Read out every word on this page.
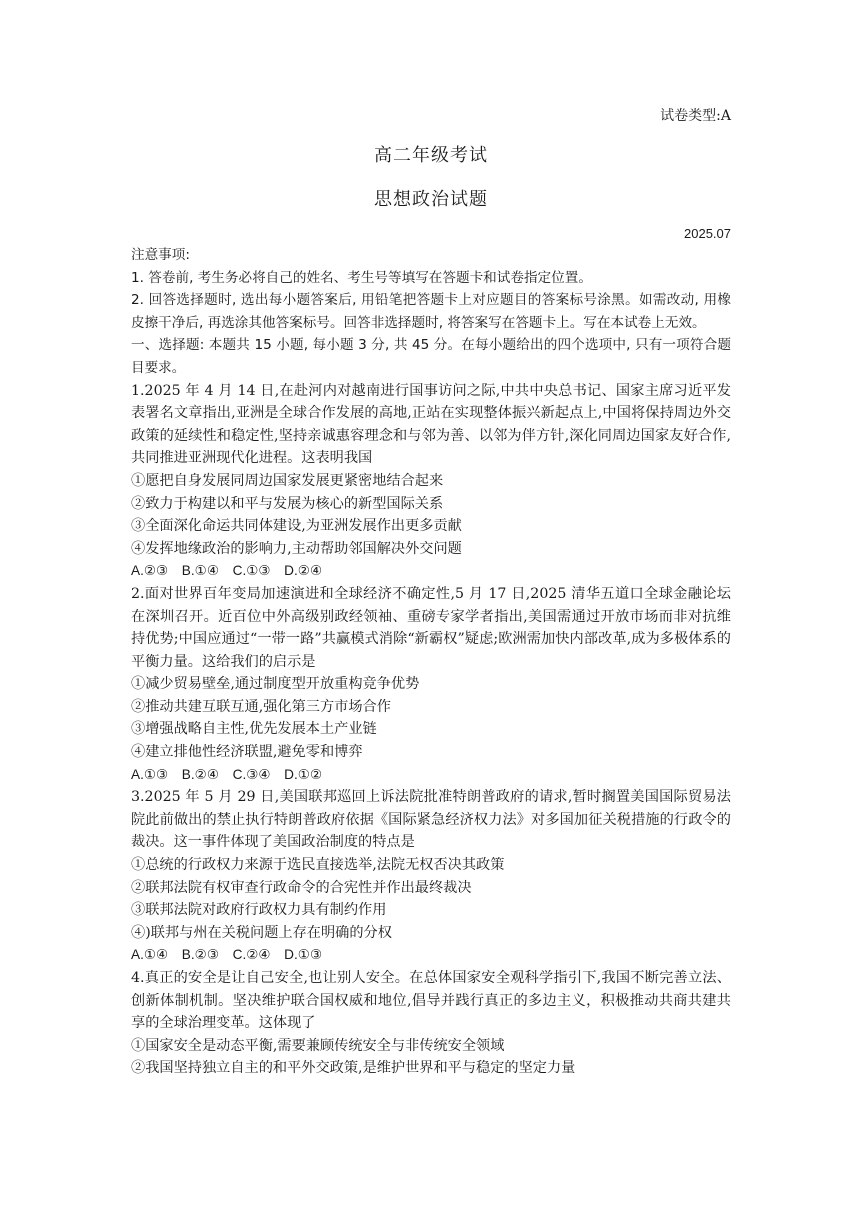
试卷类型:A
高二年级考试
思想政治试题
2025.07
注意事项:
1. 答卷前, 考生务必将自己的姓名、考生号等填写在答题卡和试卷指定位置。
2. 回答选择题时, 选出每小题答案后, 用铅笔把答题卡上对应题目的答案标号涂黑。如需改动, 用橡皮擦干净后, 再选涂其他答案标号。回答非选择题时, 将答案写在答题卡上。写在本试卷上无效。
一、选择题: 本题共 15 小题, 每小题 3 分, 共 45 分。在每小题给出的四个选项中, 只有一项符合题目要求。
1.2025 年 4 月 14 日,在赴河内对越南进行国事访问之际,中共中央总书记、国家主席习近平发表署名文章指出,亚洲是全球合作发展的高地,正站在实现整体振兴新起点上,中国将保持周边外交政策的延续性和稳定性,坚持亲诚惠容理念和与邻为善、以邻为伴方针,深化同周边国家友好合作,共同推进亚洲现代化进程。这表明我国
①愿把自身发展同周边国家发展更紧密地结合起来
②致力于构建以和平与发展为核心的新型国际关系
③全面深化命运共同体建设,为亚洲发展作出更多贡献
④发挥地缘政治的影响力,主动帮助邻国解决外交问题
A.②③　B.①④　C.①③　D.②④
2.面对世界百年变局加速演进和全球经济不确定性,5 月 17 日,2025 清华五道口全球金融论坛在深圳召开。近百位中外高级别政经领袖、重磅专家学者指出,美国需通过开放市场而非对抗维持优势;中国应通过“一带一路”共赢模式消除“新霸权”疑虑;欧洲需加快内部改革,成为多极体系的平衡力量。这给我们的启示是
①减少贸易壁垒,通过制度型开放重构竞争优势
②推动共建互联互通,强化第三方市场合作
③增强战略自主性,优先发展本土产业链
④建立排他性经济联盟,避免零和博弈
A.①③　B.②④　C.③④　D.①②
3.2025 年 5 月 29 日,美国联邦巡回上诉法院批准特朗普政府的请求,暂时搁置美国国际贸易法院此前做出的禁止执行特朗普政府依据《国际紧急经济权力法》对多国加征关税措施的行政令的裁决。这一事件体现了美国政治制度的特点是
①总统的行政权力来源于选民直接选举,法院无权否决其政策
②联邦法院有权审查行政命令的合宪性并作出最终裁决
③联邦法院对政府行政权力具有制约作用
④)联邦与州在关税问题上存在明确的分权
A.①④　B.②③　C.②④　D.①③
4.真正的安全是让自己安全,也让别人安全。在总体国家安全观科学指引下,我国不断完善立法、创新体制机制。坚决维护联合国权威和地位,倡导并践行真正的多边主义，积极推动共商共建共享的全球治理变革。这体现了
①国家安全是动态平衡,需要兼顾传统安全与非传统安全领域
②我国坚持独立自主的和平外交政策,是维护世界和平与稳定的坚定力量
